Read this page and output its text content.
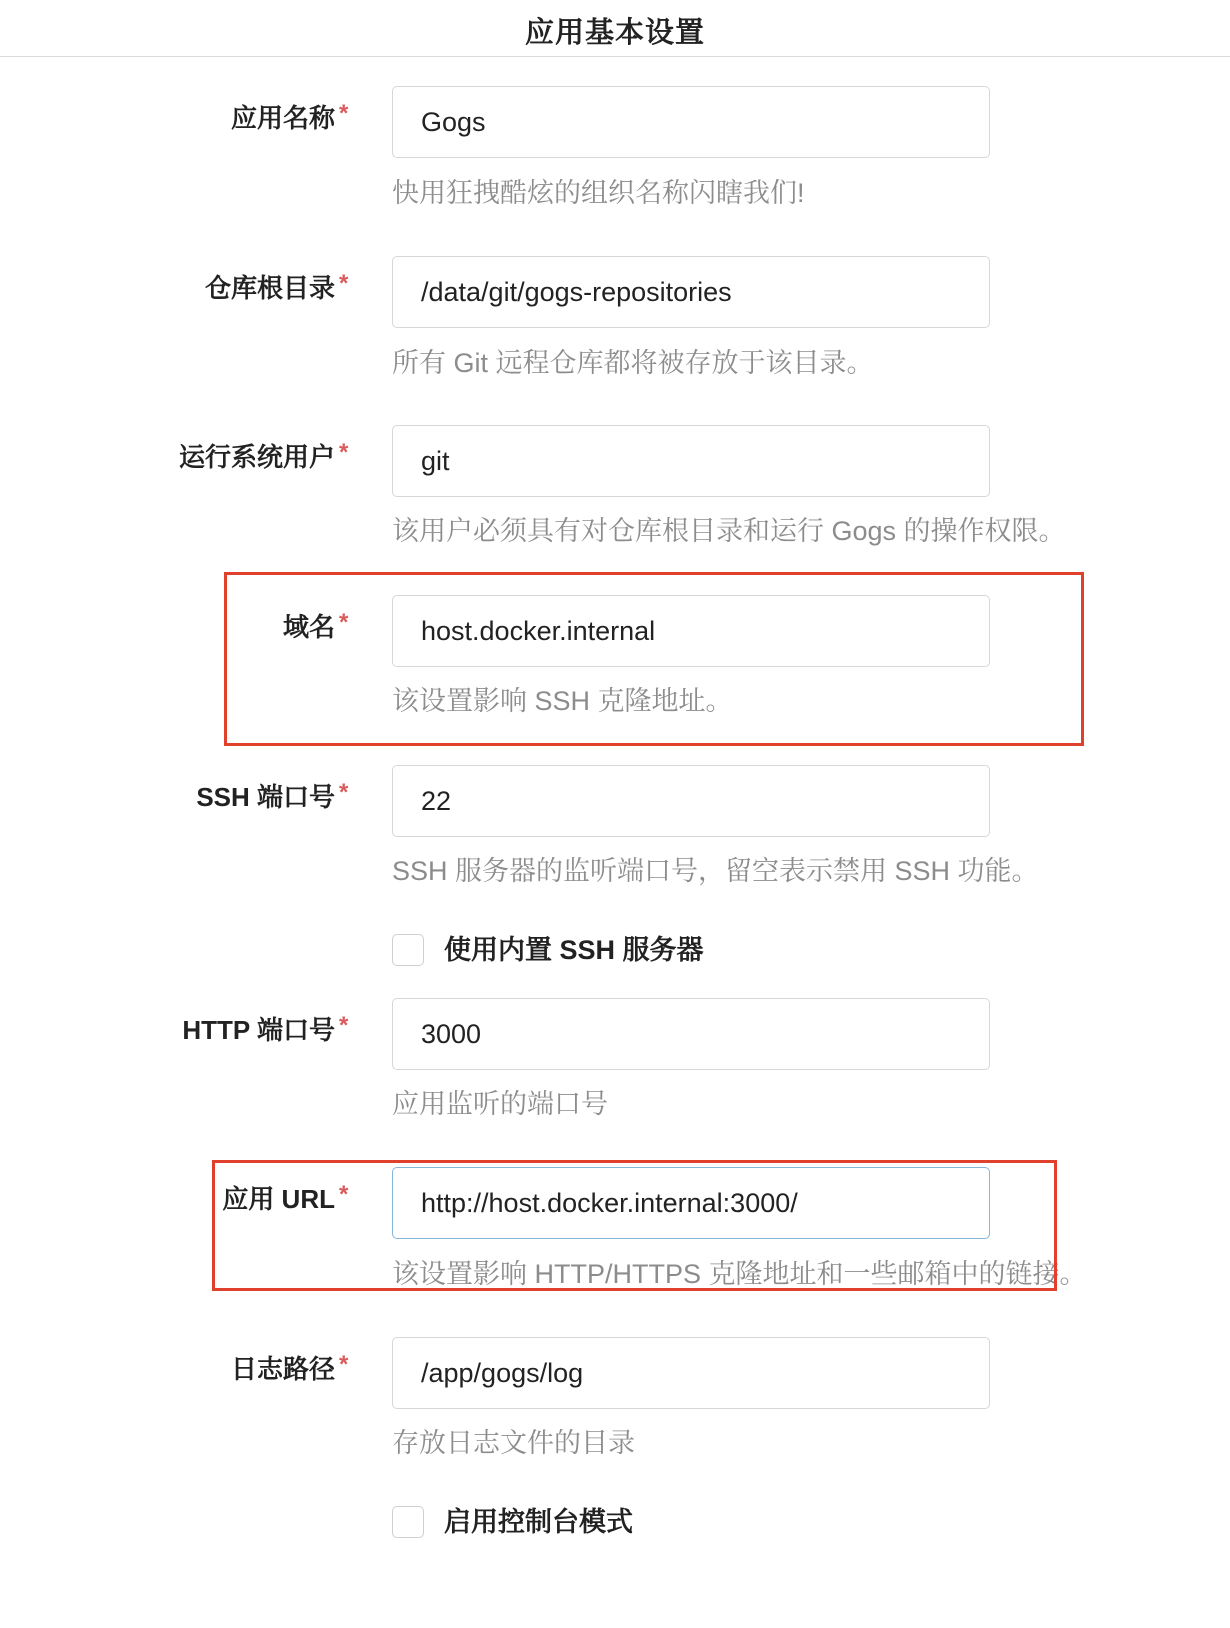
应用基本设置
应用名称 *
Gogs
快用狂拽酷炫的组织名称闪瞎我们!
仓库根目录 *
/data/git/gogs-repositories
所有 Git 远程仓库都将被存放于该目录。
运行系统用户 *
git
该用户必须具有对仓库根目录和运行 Gogs 的操作权限。
域名 *
host.docker.internal
该设置影响 SSH 克隆地址。
SSH 端口号 *
22
SSH 服务器的监听端口号，留空表示禁用 SSH 功能。
使用内置 SSH 服务器
HTTP 端口号 *
3000
应用监听的端口号
应用 URL *
http://host.docker.internal:3000/
该设置影响 HTTP/HTTPS 克隆地址和一些邮箱中的链接。
日志路径 *
/app/gogs/log
存放日志文件的目录
启用控制台模式
